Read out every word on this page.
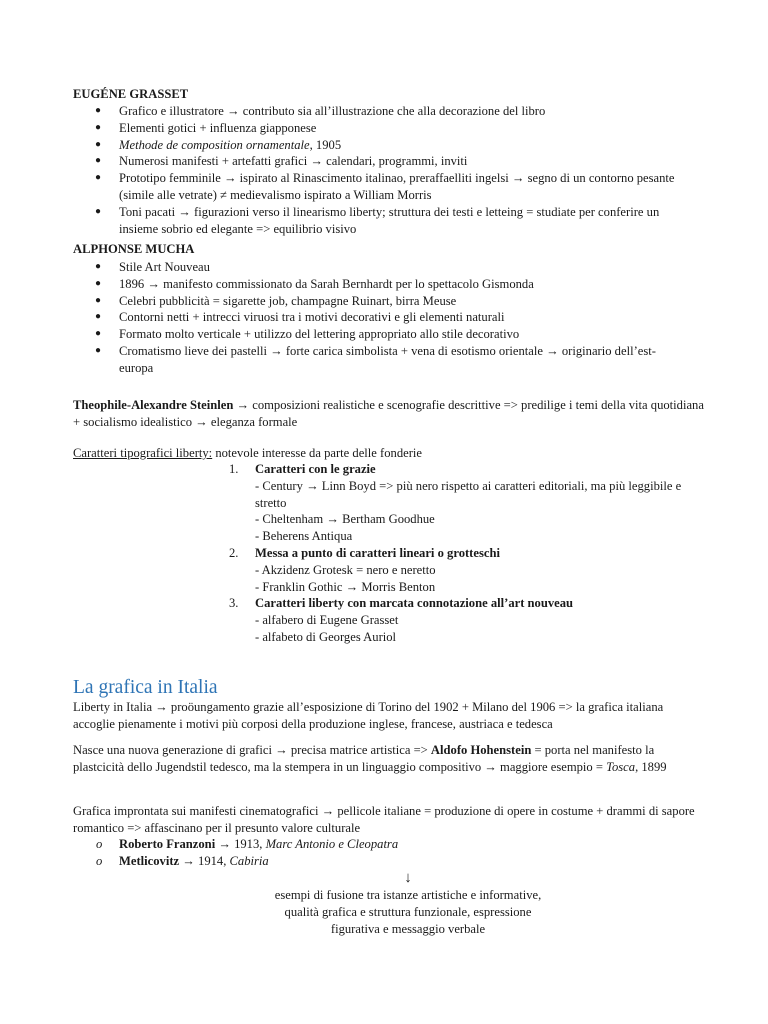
EUGÉNE GRASSET
● Grafico e illustratore → contributo sia all’illustrazione che alla decorazione del libro
● Elementi gotici + influenza giapponese
● Methode de composition ornamentale, 1905
● Numerosi manifesti + artefatti grafici → calendari, programmi, inviti
● Prototipo femminile → ispirato al Rinascimento italinao, preraffaelliti ingelsi → segno di un contorno pesante (simile alle vetrate) ≠ medievalismo ispirato a William Morris
● Toni pacati → figurazioni verso il linearismo liberty; struttura dei testi e letteing = studiate per conferire un insieme sobrio ed elegante => equilibrio visivo
ALPHONSE MUCHA
● Stile Art Nouveau
● 1896 → manifesto commissionato da Sarah Bernhardt per lo spettacolo Gismonda
● Celebri pubblicità = sigarette job, champagne Ruinart, birra Meuse
● Contorni netti + intrecci viruosi tra i motivi decorativi e gli elementi naturali
● Formato molto verticale + utilizzo del lettering appropriato allo stile decorativo
● Cromatismo lieve dei pastelli → forte carica simbolista + vena di esotismo orientale → originario dell’est-europa

Theophile-Alexandre Steinlen → composizioni realistiche e scenografie descrittive => predilige i temi della vita quotidiana + socialismo idealistico → eleganza formale

Caratteri tipografici liberty: notevole interesse da parte delle fonderie

1. Caratteri con le grazie
- Century → Linn Boyd => più nero rispetto ai caratteri editoriali, ma più leggibile e stretto
- Cheltenham → Bertham Goodhue
- Beherens Antiqua
2. Messa a punto di caratteri lineari o grotteschi
- Akzidenz Grotesk = nero e neretto
- Franklin Gothic → Morris Benton
3. Caratteri liberty con marcata connotazione all’art nouveau
- alfabero di Eugene Grasset
- alfabeto di Georges Auriol
La grafica in Italia

Liberty in Italia → proöungamento grazie all’esposizione di Torino del 1902 + Milano del 1906 => la grafica italiana accoglie pienamente i motivi più corposi della produzione inglese, francese, austriaca e tedesca

Nasce una nuova generazione di grafici → precisa matrice artistica => Aldofo Hohenstein = porta nel manifesto la plastcicità dello Jugendstil tedesco, ma la stempera in un linguaggio compositivo → maggiore esempio = Tosca, 1899

Grafica improntata sui manifesti cinematografici → pellicole italiane = produzione di opere in costume + drammi di sapore romantico => affascinano per il presunto valore culturale

o Roberto Franzoni → 1913, Marc Antonio e Cleopatra
o Metlicovitz → 1914, Cabiria
↓
esempi di fusione tra istanze artistiche e informative,
qualità grafica e struttura funzionale, espressione
figurativa e messaggio verbale
